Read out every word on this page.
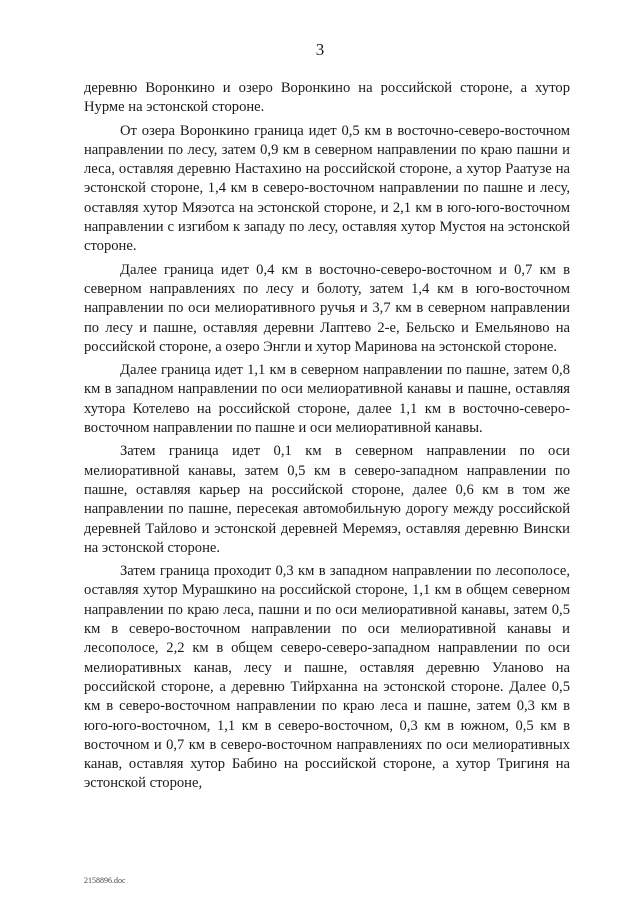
3

деревню Воронкино и озеро Воронкино на российской стороне, а хутор Нурме на эстонской стороне.

От озера Воронкино граница идет 0,5 км в восточно-северо-восточном направлении по лесу, затем 0,9 км в северном направлении по краю пашни и леса, оставляя деревню Настахино на российской стороне, а хутор Раатузе на эстонской стороне, 1,4 км в северо-восточном направлении по пашне и лесу, оставляя хутор Мяэотса на эстонской стороне, и 2,1 км в юго-юго-восточном направлении с изгибом к западу по лесу, оставляя хутор Мустоя на эстонской стороне.

Далее граница идет 0,4 км в восточно-северо-восточном и 0,7 км в северном направлениях по лесу и болоту, затем 1,4 км в юго-восточном направлении по оси мелиоративного ручья и 3,7 км в северном направлении по лесу и пашне, оставляя деревни Лаптево 2-е, Бельско и Емельяново на российской стороне, а озеро Энгли и хутор Маринова на эстонской стороне.

Далее граница идет 1,1 км в северном направлении по пашне, затем 0,8 км в западном направлении по оси мелиоративной канавы и пашне, оставляя хутора Котелево на российской стороне, далее 1,1 км в восточно-северо-восточном направлении по пашне и оси мелиоративной канавы.

Затем граница идет 0,1 км в северном направлении по оси мелиоративной канавы, затем 0,5 км в северо-западном направлении по пашне, оставляя карьер на российской стороне, далее 0,6 км в том же направлении по пашне, пересекая автомобильную дорогу между российской деревней Тайлово и эстонской деревней Меремяэ, оставляя деревню Вински на эстонской стороне.

Затем граница проходит 0,3 км в западном направлении по лесополосе, оставляя хутор Мурашкино на российской стороне, 1,1 км в общем северном направлении по краю леса, пашни и по оси мелиоративной канавы, затем 0,5 км в северо-восточном направлении по оси мелиоративной канавы и лесополосе, 2,2 км в общем северо-северо-западном направлении по оси мелиоративных канав, лесу и пашне, оставляя деревню Уланово на российской стороне, а деревню Тийрханна на эстонской стороне. Далее 0,5 км в северо-восточном направлении по краю леса и пашне, затем 0,3 км в юго-юго-восточном, 1,1 км в северо-восточном, 0,3 км в южном, 0,5 км в восточном и 0,7 км в северо-восточном направлениях по оси мелиоративных канав, оставляя хутор Бабино на российской стороне, а хутор Тригиня на эстонской стороне,

2158896.doc
